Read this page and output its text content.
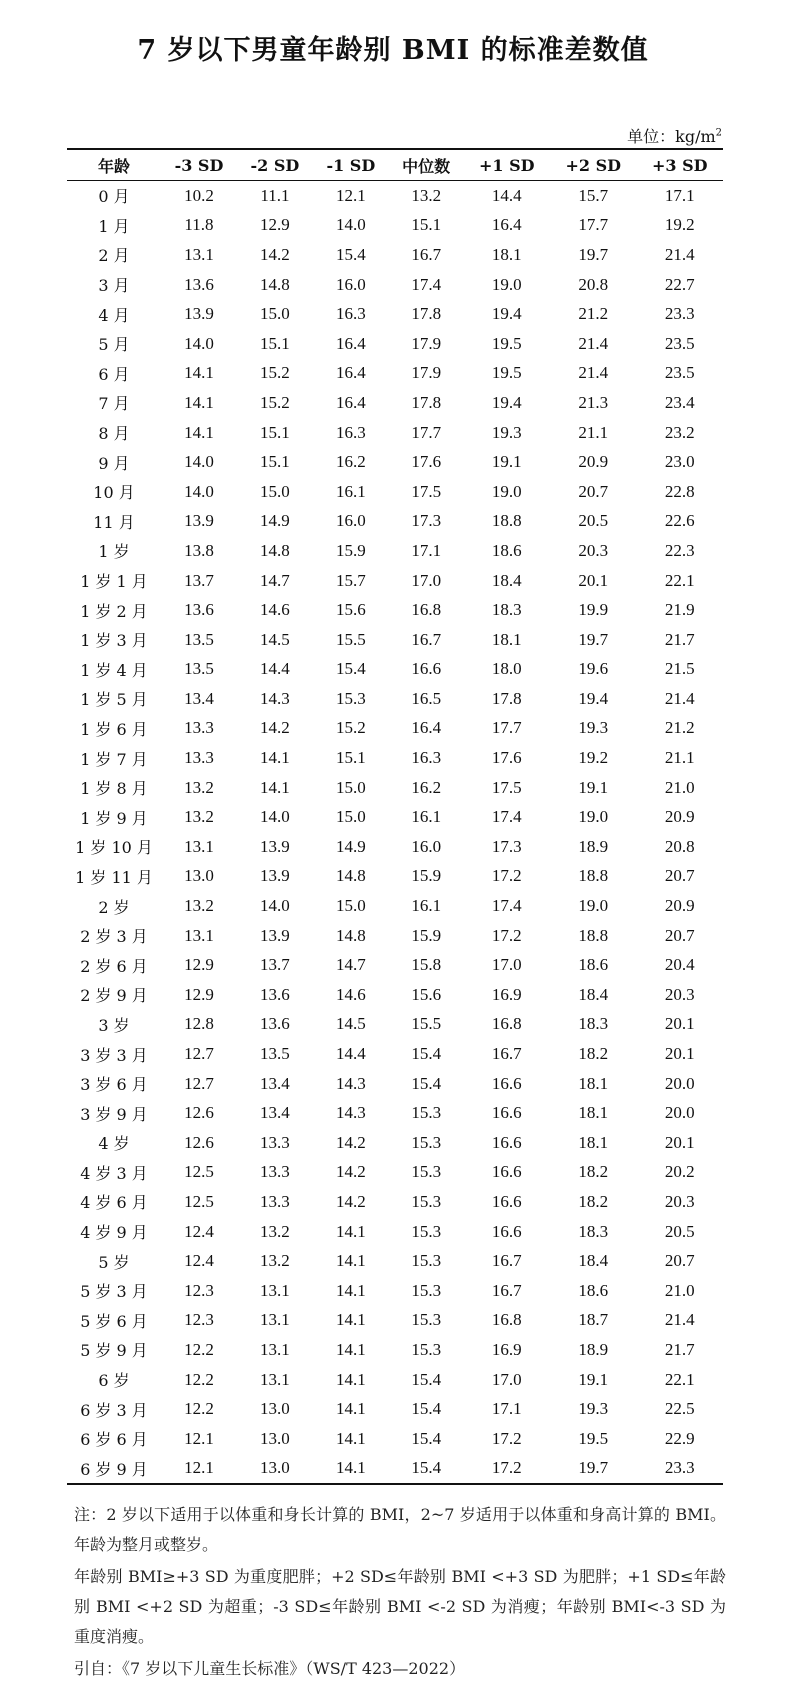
7 岁以下男童年龄别 BMI 的标准差数值
单位：$kg/m^2$
年龄	-3 SD	-2 SD	-1 SD	中位数	+1 SD	+2 SD	+3 SD
0 月	10.2	11.1	12.1	13.2	14.4	15.7	17.1
1 月	11.8	12.9	14.0	15.1	16.4	17.7	19.2
2 月	13.1	14.2	15.4	16.7	18.1	19.7	21.4
3 月	13.6	14.8	16.0	17.4	19.0	20.8	22.7
4 月	13.9	15.0	16.3	17.8	19.4	21.2	23.3
5 月	14.0	15.1	16.4	17.9	19.5	21.4	23.5
6 月	14.1	15.2	16.4	17.9	19.5	21.4	23.5
7 月	14.1	15.2	16.4	17.8	19.4	21.3	23.4
8 月	14.1	15.1	16.3	17.7	19.3	21.1	23.2
9 月	14.0	15.1	16.2	17.6	19.1	20.9	23.0
10 月	14.0	15.0	16.1	17.5	19.0	20.7	22.8
11 月	13.9	14.9	16.0	17.3	18.8	20.5	22.6
1 岁	13.8	14.8	15.9	17.1	18.6	20.3	22.3
1 岁 1 月	13.7	14.7	15.7	17.0	18.4	20.1	22.1
1 岁 2 月	13.6	14.6	15.6	16.8	18.3	19.9	21.9
1 岁 3 月	13.5	14.5	15.5	16.7	18.1	19.7	21.7
1 岁 4 月	13.5	14.4	15.4	16.6	18.0	19.6	21.5
1 岁 5 月	13.4	14.3	15.3	16.5	17.8	19.4	21.4
1 岁 6 月	13.3	14.2	15.2	16.4	17.7	19.3	21.2
1 岁 7 月	13.3	14.1	15.1	16.3	17.6	19.2	21.1
1 岁 8 月	13.2	14.1	15.0	16.2	17.5	19.1	21.0
1 岁 9 月	13.2	14.0	15.0	16.1	17.4	19.0	20.9
1 岁 10 月	13.1	13.9	14.9	16.0	17.3	18.9	20.8
1 岁 11 月	13.0	13.9	14.8	15.9	17.2	18.8	20.7
2 岁	13.2	14.0	15.0	16.1	17.4	19.0	20.9
2 岁 3 月	13.1	13.9	14.8	15.9	17.2	18.8	20.7
2 岁 6 月	12.9	13.7	14.7	15.8	17.0	18.6	20.4
2 岁 9 月	12.9	13.6	14.6	15.6	16.9	18.4	20.3
3 岁	12.8	13.6	14.5	15.5	16.8	18.3	20.1
3 岁 3 月	12.7	13.5	14.4	15.4	16.7	18.2	20.1
3 岁 6 月	12.7	13.4	14.3	15.4	16.6	18.1	20.0
3 岁 9 月	12.6	13.4	14.3	15.3	16.6	18.1	20.0
4 岁	12.6	13.3	14.2	15.3	16.6	18.1	20.1
4 岁 3 月	12.5	13.3	14.2	15.3	16.6	18.2	20.2
4 岁 6 月	12.5	13.3	14.2	15.3	16.6	18.2	20.3
4 岁 9 月	12.4	13.2	14.1	15.3	16.6	18.3	20.5
5 岁	12.4	13.2	14.1	15.3	16.7	18.4	20.7
5 岁 3 月	12.3	13.1	14.1	15.3	16.7	18.6	21.0
5 岁 6 月	12.3	13.1	14.1	15.3	16.8	18.7	21.4
5 岁 9 月	12.2	13.1	14.1	15.3	16.9	18.9	21.7
6 岁	12.2	13.1	14.1	15.4	17.0	19.1	22.1
6 岁 3 月	12.2	13.0	14.1	15.4	17.1	19.3	22.5
6 岁 6 月	12.1	13.0	14.1	15.4	17.2	19.5	22.9
6 岁 9 月	12.1	13.0	14.1	15.4	17.2	19.7	23.3

注：2 岁以下适用于以体重和身长计算的 BMI，2~7 岁适用于以体重和身高计算的 BMI。年龄为整月或整岁。

年龄别 BMI≥+3 SD 为重度肥胖；+2 SD≤年龄别 BMI <+3 SD 为肥胖；+1 SD≤年龄别 BMI <+2 SD 为超重；-3 SD≤年龄别 BMI <-2 SD 为消瘦；年龄别 BMI<-3 SD 为重度消瘦。

引自：《7 岁以下儿童生长标准》（WS/T 423—2022）
